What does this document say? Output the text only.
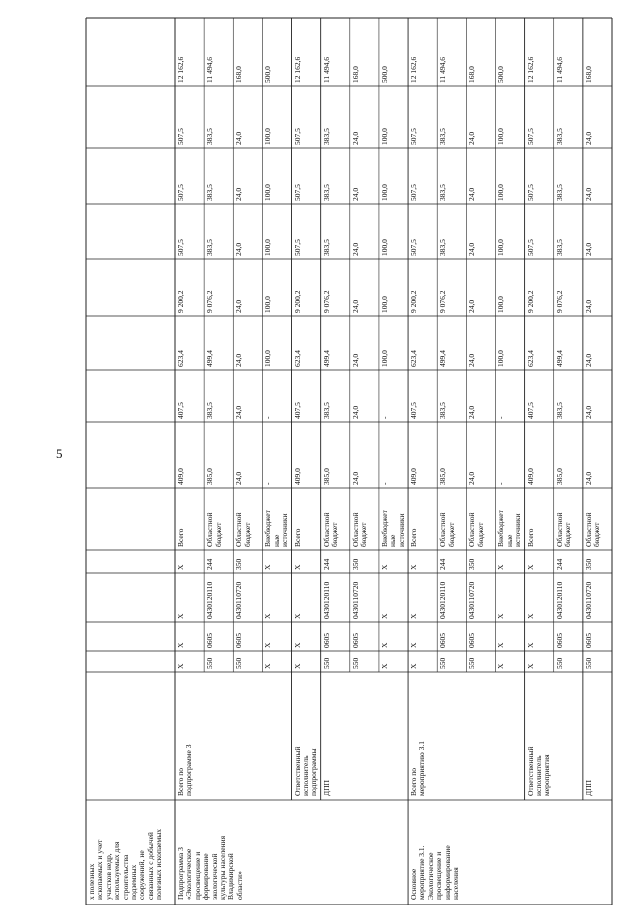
5
х полезных ископаемых и учет участков недр, используемых для строительства подземных сооружений, не связанных с добычей полезных ископаемых Подпрограмма 3 «Экологическое просвещение и формирование экологической культуры населения Владимирской области»
Всего по подпрограмме 3
Х
Х
Х
Х
409,0
407,5
623,4
9 200,2
507,5
507,5
507,5
12 162,6
Всего
550
0605
0430120110
244
385,0
383,5
499,4
9 076,2
383,5
383,5
383,5
11 494,6
Областной бюджет
550
0605
0430110720
350
24,0
24,0
24,0
24,0
24,0
24,0
24,0
168,0
Областной бюджет
Х
Х
Х
Х
-
-
100,0
100,0
100,0
100,0
100,0
500,0
Внебюджет ные источники
Ответственный исполнитель подпрограммы
Х
Х
Х
Х
409,0
407,5
623,4
9 200,2
507,5
507,5
507,5
12 162,6
Всего
ДПП
550
0605
0430120110
244
385,0
383,5
499,4
9 076,2
383,5
383,5
383,5
11 494,6
Областной бюджет
550
0605
0430110720
350
24,0
24,0
24,0
24,0
24,0
24,0
24,0
168,0
Областной бюджет
Х
Х
Х
Х
-
-
100,0
100,0
100,0
100,0
100,0
500,0
Внебюджет ные источники
Основное мероприятие 3.1. Экологическое просвещение и информирование населения
Всего по мероприятию 3.1
Х
Х
Х
Х
409,0
407,5
623,4
9 200,2
507,5
507,5
507,5
12 162,6
Всего
550
0605
0430120110
244
385,0
383,5
499,4
9 076,2
383,5
383,5
383,5
11 494,6
Областной бюджет
550
0605
0430110720
350
24,0
24,0
24,0
24,0
24,0
24,0
24,0
168,0
Областной бюджет
Х
Х
Х
Х
-
-
100,0
100,0
100,0
100,0
100,0
500,0
Внебюджет ные источники
Ответственный исполнитель мероприятия
Х
Х
Х
Х
409,0
407,5
623,4
9 200,2
507,5
507,5
507,5
12 162,6
Всего
550
0605
0430120110
244
385,0
383,5
499,4
9 076,2
383,5
383,5
383,5
11 494,6
Областной бюджет
ДПП
550
0605
0430110720
350
24,0
24,0
24,0
24,0
24,0
24,0
24,0
168,0
Областной бюджет
